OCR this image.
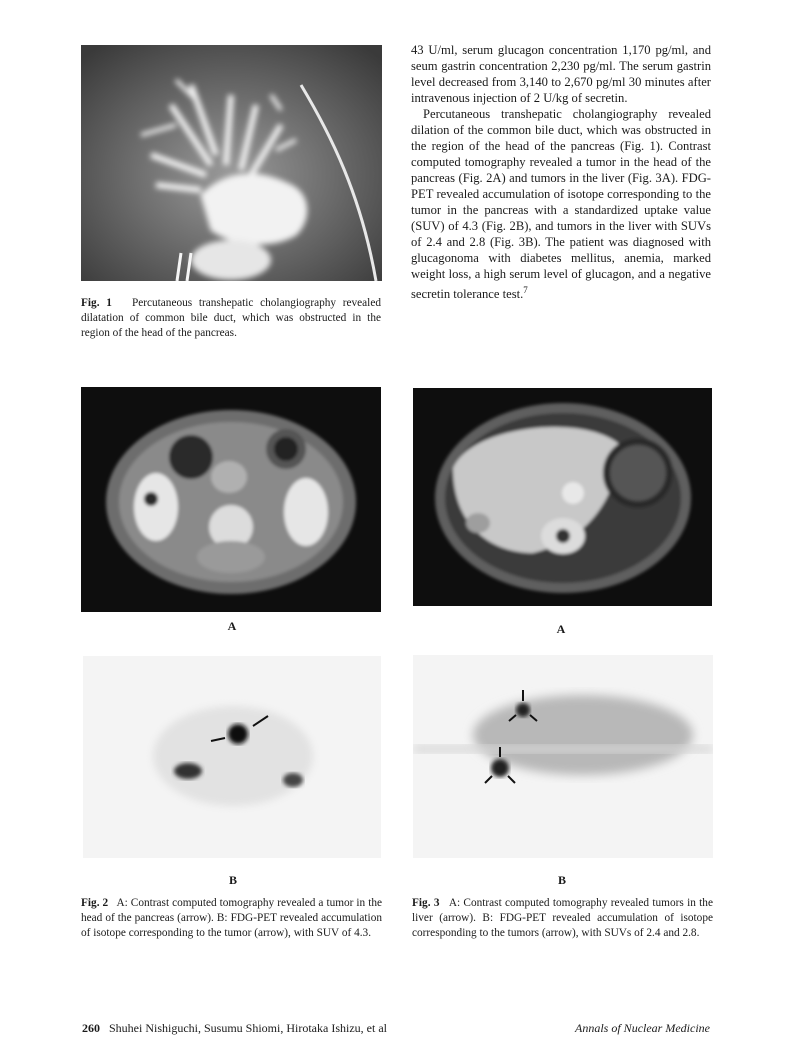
Fig. 1 Percutaneous transhepatic cholangiography revealed dilatation of common bile duct, which was obstructed in the region of the head of the pancreas.

43 U/ml, serum glucagon concentration 1,170 pg/ml, and seum gastrin concentration 2,230 pg/ml. The serum gastrin level decreased from 3,140 to 2,670 pg/ml 30 minutes after intravenous injection of 2 U/kg of secretin.

Percutaneous transhepatic cholangiography revealed dilation of the common bile duct, which was obstructed in the region of the head of the pancreas (Fig. 1). Contrast computed tomography revealed a tumor in the head of the pancreas (Fig. 2A) and tumors in the liver (Fig. 3A). FDG-PET revealed accumulation of isotope corresponding to the tumor in the pancreas with a standardized uptake value (SUV) of 4.3 (Fig. 2B), and tumors in the liver with SUVs of 2.4 and 2.8 (Fig. 3B). The patient was diagnosed with glucagonoma with diabetes mellitus, anemia, marked weight loss, a high serum level of glucagon, and a negative secretin tolerance test.$^7$

A	A
B	B
Fig. 2 A: Contrast computed tomography revealed a tumor in the head of the pancreas (arrow). B: FDG-PET revealed accumulation of isotope corresponding to the tumor (arrow), with SUV of 4.3.
Fig. 3 A: Contrast computed tomography revealed tumors in the liver (arrow). B: FDG-PET revealed accumulation of isotope corresponding to the tumors (arrow), with SUVs of 2.4 and 2.8.
260 Shuhei Nishiguchi, Susumu Shiomi, Hirotaka Ishizu, et al	Annals of Nuclear Medicine
